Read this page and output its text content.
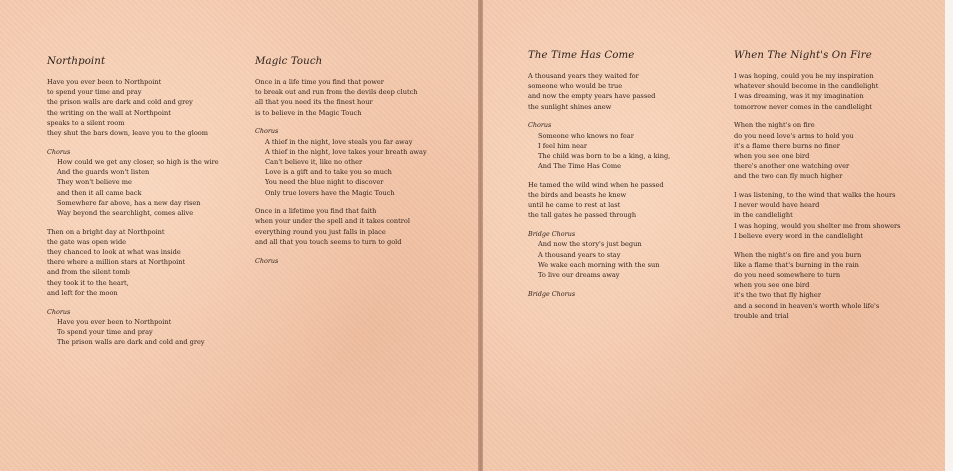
Northpoint
Have you ever been to Northpoint
to spend your time and pray
the prison walls are dark and cold and grey
the writing on the wall at Northpoint
speaks to a silent room
they shut the bars down, leave you to the gloom
Chorus
How could we get any closer, so high is the wire
And the guards won't listen
They won't believe me
and then it all came back
Somewhere far above, has a new day risen
Way beyond the searchlight, comes alive
Then on a bright day at Northpoint
the gate was open wide
they chanced to look at what was inside
there where a million stars at Northpoint
and from the silent tomb
they took it to the heart,
and left for the moon
Chorus
Have you ever been to Northpoint
To spend your time and pray
The prison walls are dark and cold and grey
Magic Touch
Once in a life time you find that power
to break out and run from the devils deep clutch
all that you need its the finest hour
is to believe in the Magic Touch
Chorus
A thief in the night, love steals you far away
A thief in the night, love takes your breath away
Can't believe it, like no other
Love is a gift and to take you so much
You need the blue night to discover
Only true lovers have the Magic Touch
Once in a lifetime you find that faith
when your under the spell and it takes control
everything round you just falls in place
and all that you touch seems to turn to gold
Chorus
The Time Has Come
A thousand years they waited for
someone who would be true
and now the empty years have passed
the sunlight shines anew
Chorus
Someone who knows no fear
I feel him near
The child was born to be a king, a king,
And The Time Has Come
He tamed the wild wind when he passed
the birds and beasts he knew
until he came to rest at last
the tall gates he passed through
Bridge Chorus
And now the story's just begun
A thousand years to stay
We wake each morning with the sun
To live our dreams away
Bridge Chorus
When The Night's On Fire
I was hoping, could you be my inspiration
whatever should become in the candlelight
I was dreaming, was it my imagination
tomorrow never comes in the candlelight
When the night's on fire
do you need love's arms to hold you
it's a flame there burns no finer
when you see one bird
there's another one watching over
and the two can fly much higher
I was listening, to the wind that walks the hours
I never would have heard
in the candlelight
I was hoping, would you shelter me from showers
I believe every word in the candlelight
When the night's on fire and you burn
like a flame that's burning in the rain
do you need somewhere to turn
when you see one bird
it's the two that fly higher
and a second in heaven's worth whole life's
trouble and trial
